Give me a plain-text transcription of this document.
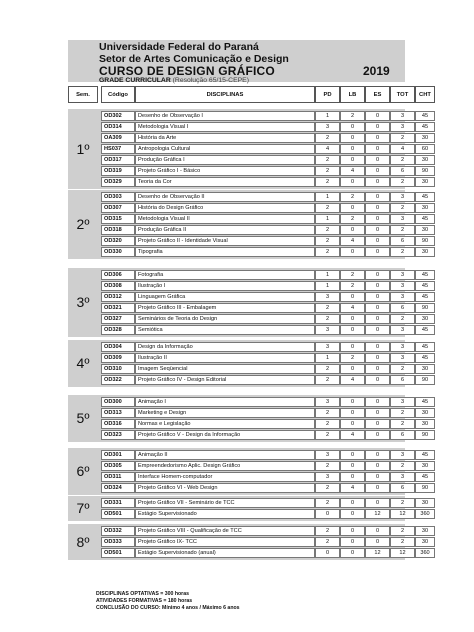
Universidade Federal do Paraná
Setor de Artes Comunicação e Design
CURSO DE DESIGN GRÁFICO	2019
GRADE CURRICULAR (Resolução 65/15-CEPE)
Sem.	Código	DISCIPLINAS	PD	LB	ES	TOT	CHT
1º
OD302	Desenho de Observação I	1	2	0	3	45
OD314	Metodologia Visual I	3	0	0	3	45
OA309	História da Arte	2	0	0	2	30
HS037	Antropologia Cultural	4	0	0	4	60
OD317	Produção Gráfica I	2	0	0	2	30
OD319	Projeto Gráfico I - Básico	2	4	0	6	90
OD329	Teoria da Cor	2	0	0	2	30
2º
OD303	Desenho de Observação II	1	2	0	3	45
OD307	História do Design Gráfico	2	0	0	2	30
OD315	Metodologia Visual II	1	2	0	3	45
OD318	Produção Gráfica II	2	0	0	2	30
OD320	Projeto Gráfico II - Identidade Visual	2	4	0	6	90
OD330	Tipografia	2	0	0	2	30
3º
OD306	Fotografia	1	2	0	3	45
OD308	Ilustração I	1	2	0	3	45
OD312	Linguagem Gráfica	3	0	0	3	45
OD321	Projeto Gráfico III - Embalagem	2	4	0	6	90
OD327	Seminários de Teoria do Design	2	0	0	2	30
OD328	Semiótica	3	0	0	3	45
4º
OD304	Design da Informação	3	0	0	3	45
OD309	Ilustração II	1	2	0	3	45
OD310	Imagem Seqüencial	2	0	0	2	30
OD322	Projeto Gráfico IV - Design Editorial	2	4	0	6	90
5º
OD300	Animação I	3	0	0	3	45
OD313	Marketing e Design	2	0	0	2	30
OD316	Normas e Legislação	2	0	0	2	30
OD323	Projeto Gráfico V - Design da Informação	2	4	0	6	90
6º
OD301	Animação II	3	0	0	3	45
OD305	Empreendedorismo Aplic. Design Gráfico	2	0	0	2	30
OD311	Interface Homem-computador	3	0	0	3	45
OD324	Projeto Gráfico VI - Web Design	2	4	0	6	90
7º	OD331	Projeto Gráfico VII - Seminário de TCC	2	0	0	2	30
OD501	Estágio Supervisionado	0	0	12	12	360
8º
OD332	Projeto Gráfico VIII - Qualificação de TCC	2	0	0	2	30
OD333	Projeto Gráfico IX- TCC	2	0	0	2	30
OD501	Estágio Supervisionado (anual)	0	0	12	12	360
DISCIPLINAS OPTATIVAS = 300 horas
ATIVIDADES FORMATIVAS = 180 horas
CONCLUSÃO DO CURSO: Mínimo 4 anos / Máximo 6 anos
